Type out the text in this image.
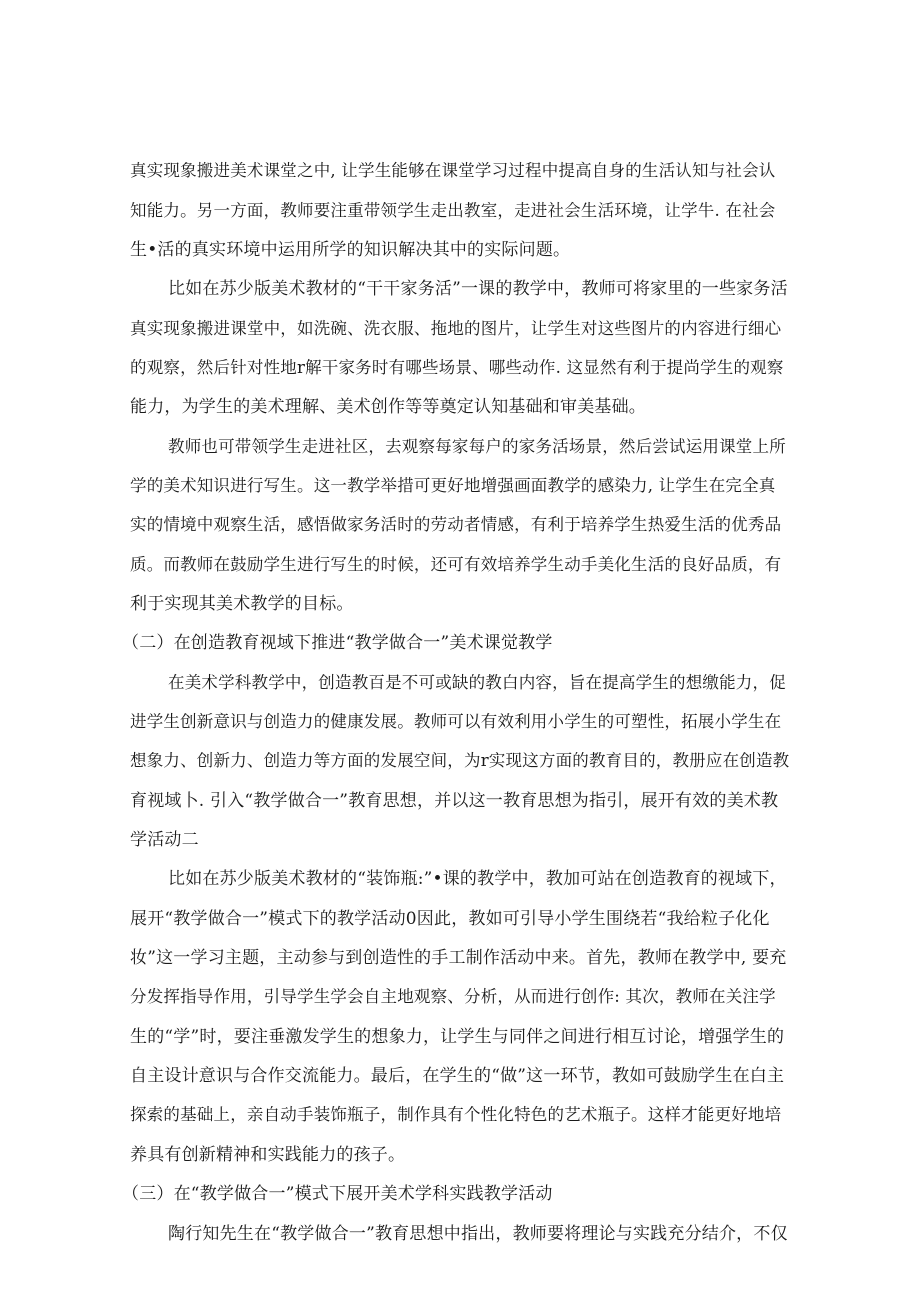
真实现象搬进美术课堂之中, 让学生能够在课堂学习过程中提高自身的生活认知与社会认
知能力。另一方面，教师要注重带领学生走出教室，走进社会生活环境，让学牛. 在社会
生•活的真实环境中运用所学的知识解决其中的实际问题。
比如在苏少版美术教材的“干干家务活”一课的教学中，教师可将家里的一些家务活
真实现象搬进课堂中，如洗碗、洗衣服、拖地的图片，让学生对这些图片的内容进行细心
的观察，然后针对性地r解干家务时有哪些场景、哪些动作. 这显然有利于提尚学生的观察
能力，为学生的美术理解、美术创作等等奠定认知基础和审美基础。
教师也可带领学生走进社区，去观察每家每户的家务活场景，然后尝试运用课堂上所
学的美术知识进行写生。这一教学举措可更好地增强画面教学的感染力, 让学生在完全真
实的情境中观察生活，感悟做家务活时的劳动者情感，有利于培养学生热爱生活的优秀品
质。而教师在鼓励学生进行写生的时候，还可有效培养学生动手美化生活的良好品质，有
利于实现其美术教学的目标。
（二）在创造教育视域下推进“教学做合一”美术课觉教学
在美术学科教学中，创造教百是不可或缺的教白内容，旨在提高学生的想缴能力，促
进学生创新意识与创造力的健康发展。教师可以有效利用小学生的可塑性，拓展小学生在
想象力、创新力、创造力等方面的发展空间，为r实现这方面的教育目的，教册应在创造教
育视域卜. 引入“教学做合一”教育思想，并以这一教育思想为指引，展开有效的美术教
学活动二
比如在苏少版美术教材的“装饰瓶:”•课的教学中，教加可站在创造教育的视域下，
展开“教学做合一”模式下的教学活动0因此，教如可引导小学生围绕若“我给粒子化化
妆”这一学习主题，主动参与到创造性的手工制作活动中来。首先，教师在教学中, 要充
分发挥指导作用，引导学生学会自主地观察、分析，从而进行创作: 其次，教师在关注学
生的“学”时，要注垂激发学生的想象力，让学生与同伴之间进行相互讨论，增强学生的
自主设计意识与合作交流能力。最后，在学生的“做”这一环节，教如可鼓励学生在白主
探索的基础上，亲自动手装饰瓶子，制作具有个性化特色的艺术瓶子。这样才能更好地培
养具有创新精神和实践能力的孩子。
（三）在“教学做合一”模式下展开美术学科实践教学活动
陶行知先生在“教学做合一”教育思想中指出，教师要将理论与实践充分结介，不仅
